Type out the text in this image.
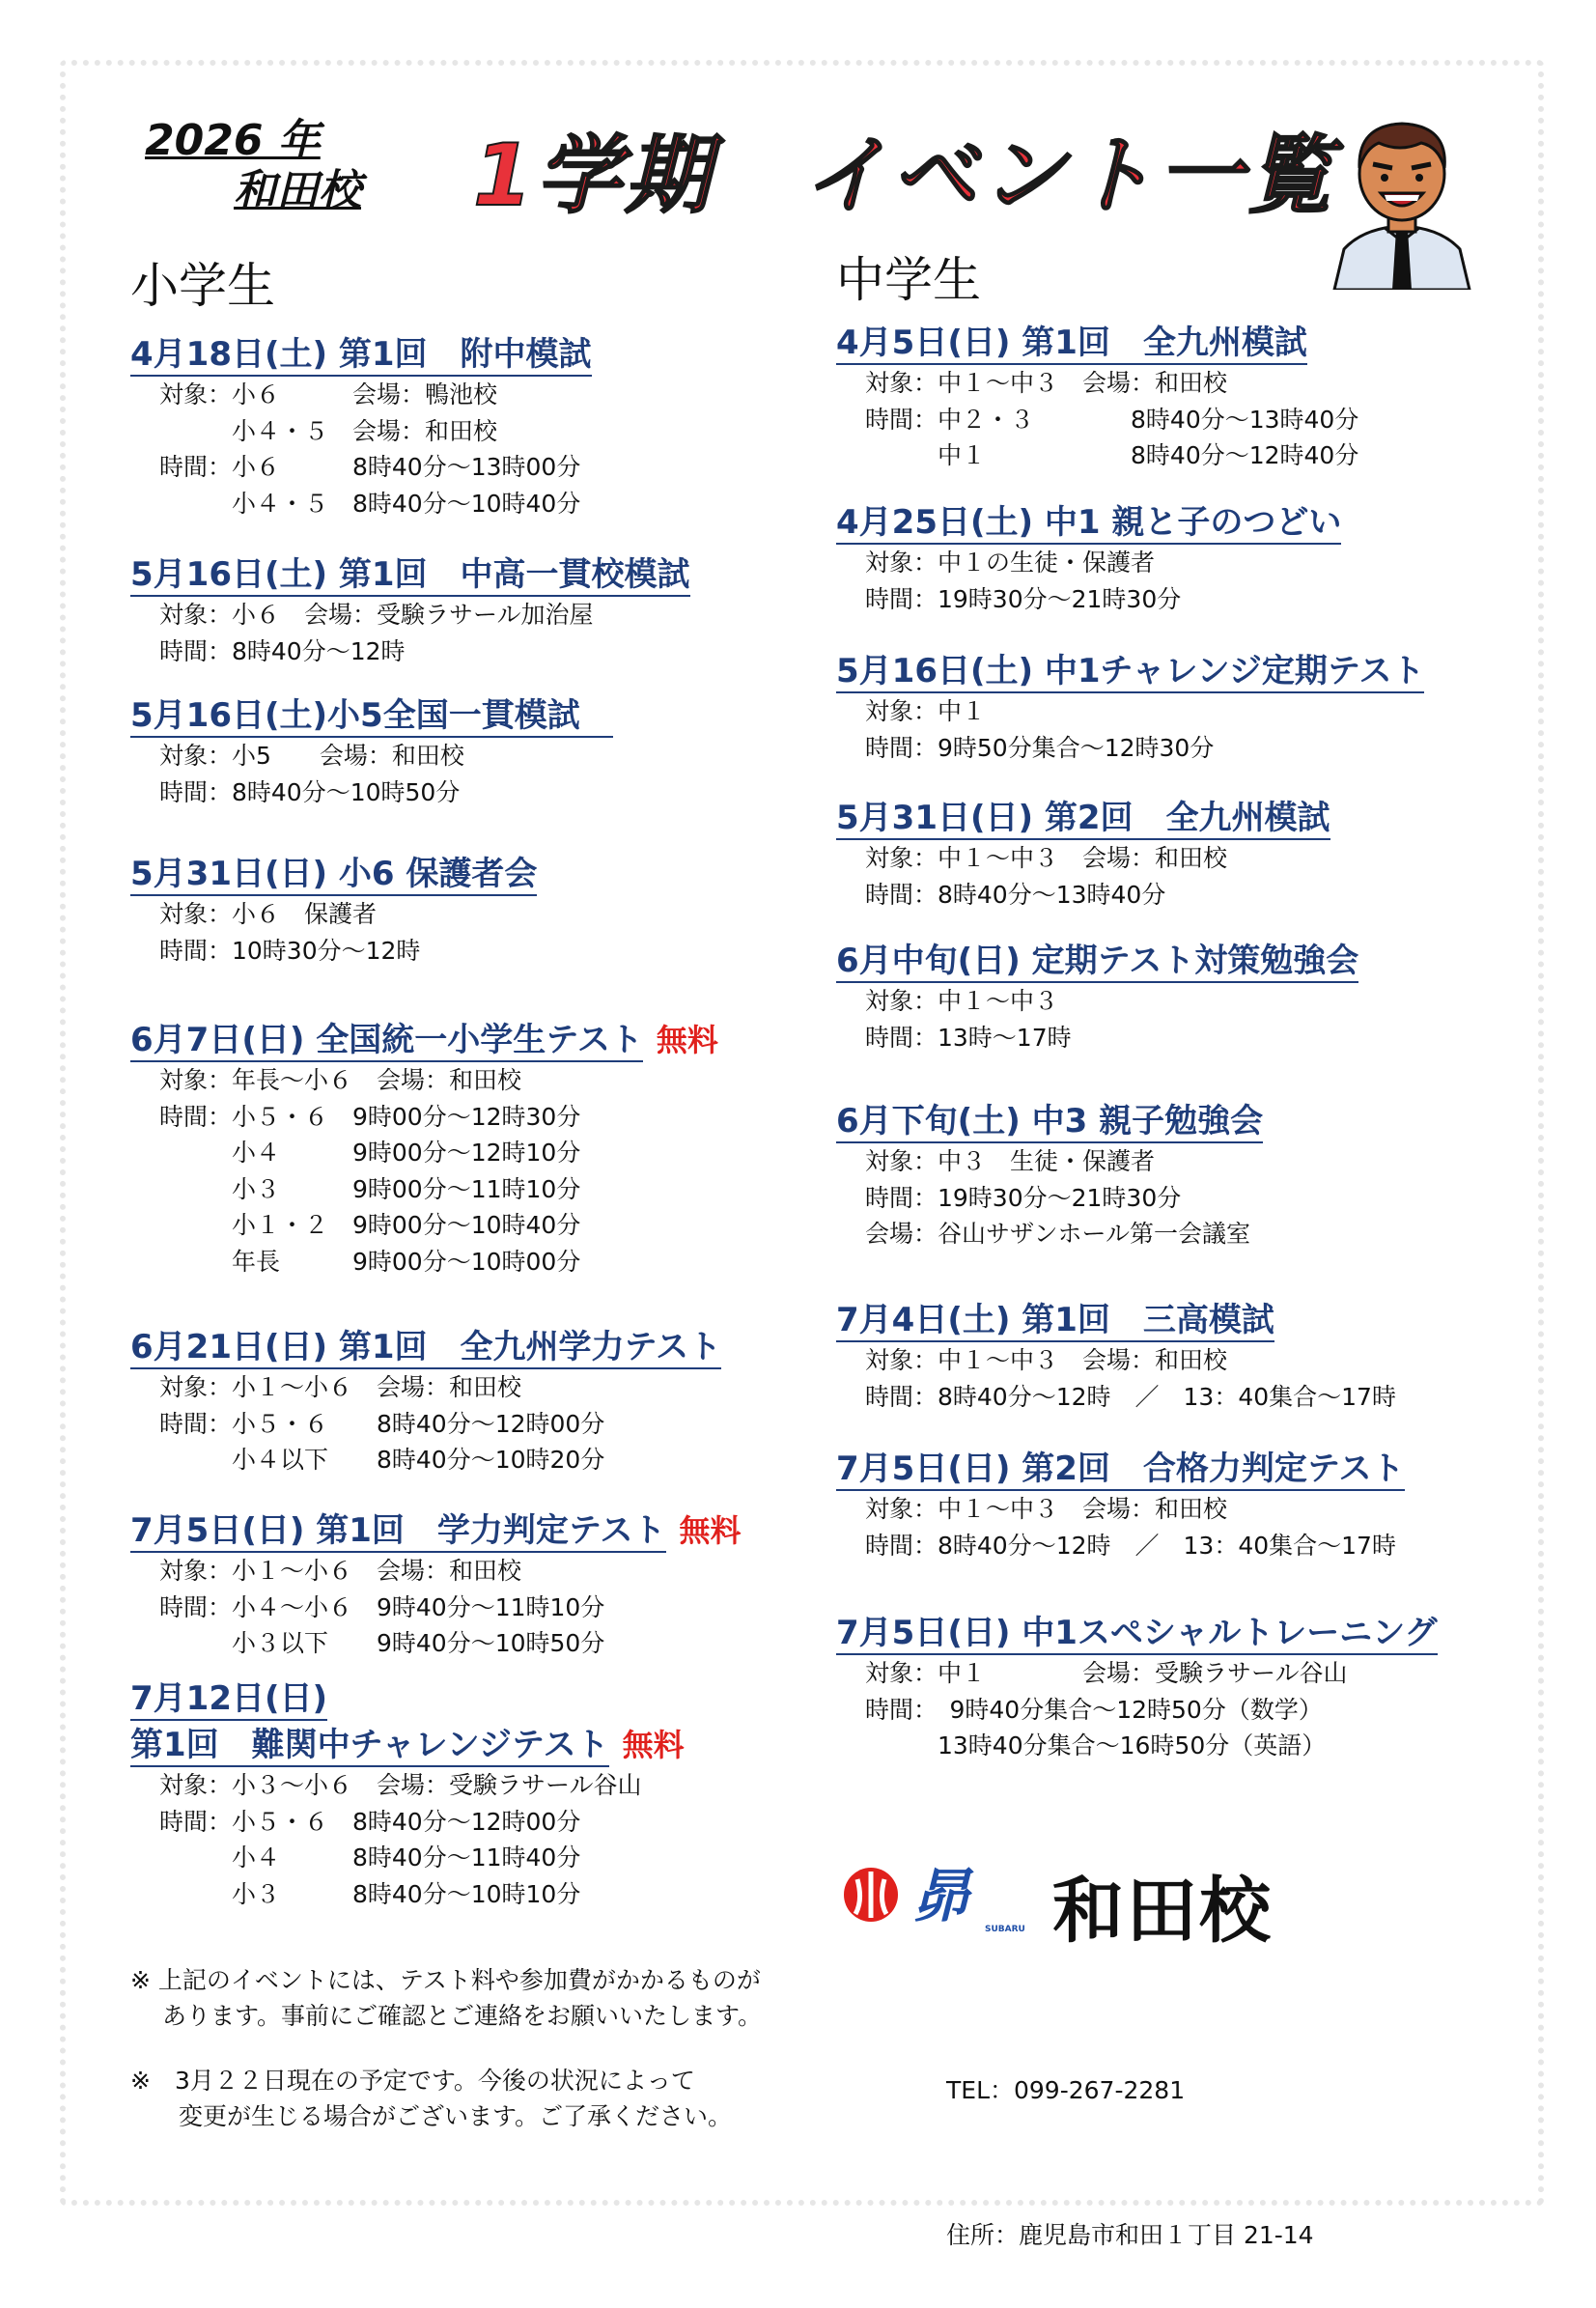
2026 年
和田校 1学期　イベント一覧
小学生
4月18日(土) 第1回　附中模試
対象：小６　　　会場：鴨池校
　　　小４・５　会場：和田校
時間：小６　　　8時40分～13時00分
　　　小４・５　8時40分～10時40分
5月16日(土) 第1回　中高一貫校模試
対象：小６　会場：受験ラサール加治屋
時間：8時40分～12時
5月16日(土)小5全国一貫模試　
対象：小5　　会場：和田校
時間：8時40分～10時50分
5月31日(日) 小6 保護者会
対象：小６　保護者
時間：10時30分～12時
6月7日(日) 全国統一小学生テスト 無料
対象：年長～小６　会場：和田校
時間：小５・６　9時00分～12時30分
　　　小４　　　9時00分～12時10分
　　　小３　　　9時00分～11時10分
　　　小１・２　9時00分～10時40分
　　　年長　　　9時00分～10時00分
6月21日(日) 第1回　全九州学力テスト
対象：小１～小６　会場：和田校
時間：小５・６　　8時40分～12時00分
　　　小４以下　　8時40分～10時20分
7月5日(日) 第1回　学力判定テスト 無料
対象：小１～小６　会場：和田校
時間：小４～小６　9時40分～11時10分
　　　小３以下　　9時40分～10時50分
7月12日(日)
第1回　難関中チャレンジテスト 無料
対象：小３～小６　会場：受験ラサール谷山
時間：小５・６　8時40分～12時00分
　　　小４　　　8時40分～11時40分
　　　小３　　　8時40分～10時10分
中学生
4月5日(日) 第1回　全九州模試
対象：中１～中３　会場：和田校
時間：中２・３　　　　8時40分～13時40分
　　　中１　　　　　　8時40分～12時40分
4月25日(土) 中1 親と子のつどい
対象：中１の生徒・保護者
時間：19時30分～21時30分
5月16日(土) 中1チャレンジ定期テスト
対象：中１
時間：9時50分集合～12時30分
5月31日(日) 第2回　全九州模試
対象：中１～中３　会場：和田校
時間：8時40分～13時40分
6月中旬(日) 定期テスト対策勉強会
対象：中１～中３
時間：13時～17時
6月下旬(土) 中3 親子勉強会
対象：中３　生徒・保護者
時間：19時30分～21時30分
会場：谷山サザンホール第一会議室
7月4日(土) 第1回　三高模試
対象：中１～中３　会場：和田校
時間：8時40分～12時　／　13：40集合～17時
7月5日(日) 第2回　合格力判定テスト
対象：中１～中３　会場：和田校
時間：8時40分～12時　／　13：40集合～17時
7月5日(日) 中1スペシャルトレーニング
対象：中１　　　　会場：受験ラサール谷山
時間：　9時40分集合～12時50分（数学）
　　　13時40分集合～16時50分（英語）
※ 上記のイベントには、テスト料や参加費がかかるものが
　 あります。事前にご確認とご連絡をお願いいたします。
※　3月２２日現在の予定です。今後の状況によって
　　変更が生じる場合がございます。ご了承ください。
昴	SUBARU 和田校

TEL：099-267-2281

住所：鹿児島市和田１丁目 21-14
